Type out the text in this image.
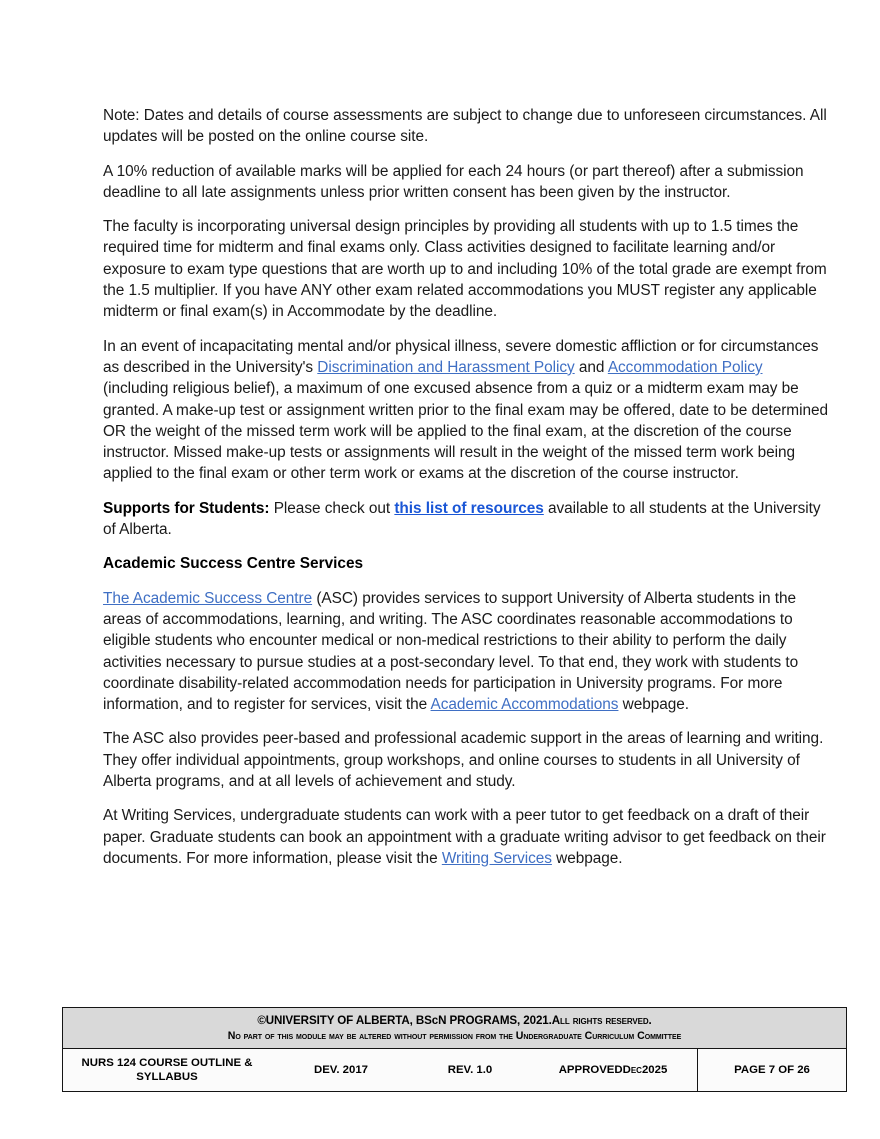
Note: Dates and details of course assessments are subject to change due to unforeseen circumstances. All updates will be posted on the online course site.

A 10% reduction of available marks will be applied for each 24 hours (or part thereof) after a submission deadline to all late assignments unless prior written consent has been given by the instructor.

The faculty is incorporating universal design principles by providing all students with up to 1.5 times the required time for midterm and final exams only. Class activities designed to facilitate learning and/or exposure to exam type questions that are worth up to and including 10% of the total grade are exempt from the 1.5 multiplier. If you have ANY other exam related accommodations you MUST register any applicable midterm or final exam(s) in Accommodate by the deadline.

In an event of incapacitating mental and/or physical illness, severe domestic affliction or for circumstances as described in the University's Discrimination and Harassment Policy and Accommodation Policy (including religious belief), a maximum of one excused absence from a quiz or a midterm exam may be granted. A make-up test or assignment written prior to the final exam may be offered, date to be determined OR the weight of the missed term work will be applied to the final exam, at the discretion of the course instructor. Missed make-up tests or assignments will result in the weight of the missed term work being applied to the final exam or other term work or exams at the discretion of the course instructor.

Supports for Students: Please check out this list of resources available to all students at the University of Alberta.

Academic Success Centre Services

The Academic Success Centre (ASC) provides services to support University of Alberta students in the areas of accommodations, learning, and writing. The ASC coordinates reasonable accommodations to eligible students who encounter medical or non-medical restrictions to their ability to perform the daily activities necessary to pursue studies at a post-secondary level. To that end, they work with students to coordinate disability-related accommodation needs for participation in University programs. For more information, and to register for services, visit the Academic Accommodations webpage.

The ASC also provides peer-based and professional academic support in the areas of learning and writing. They offer individual appointments, group workshops, and online courses to students in all University of Alberta programs, and at all levels of achievement and study.

At Writing Services, undergraduate students can work with a peer tutor to get feedback on a draft of their paper. Graduate students can book an appointment with a graduate writing advisor to get feedback on their documents. For more information, please visit the Writing Services webpage.

©UNIVERSITY OF ALBERTA, BScN PROGRAMS, 2021.All rights reserved.
No part of this module may be altered without permission from the Undergraduate Curriculum Committee
NURS 124 COURSE OUTLINE & SYLLABUS
DEV. 2017	REV. 1.0	APPROVED Dec 2025	PAGE 7 OF 26
